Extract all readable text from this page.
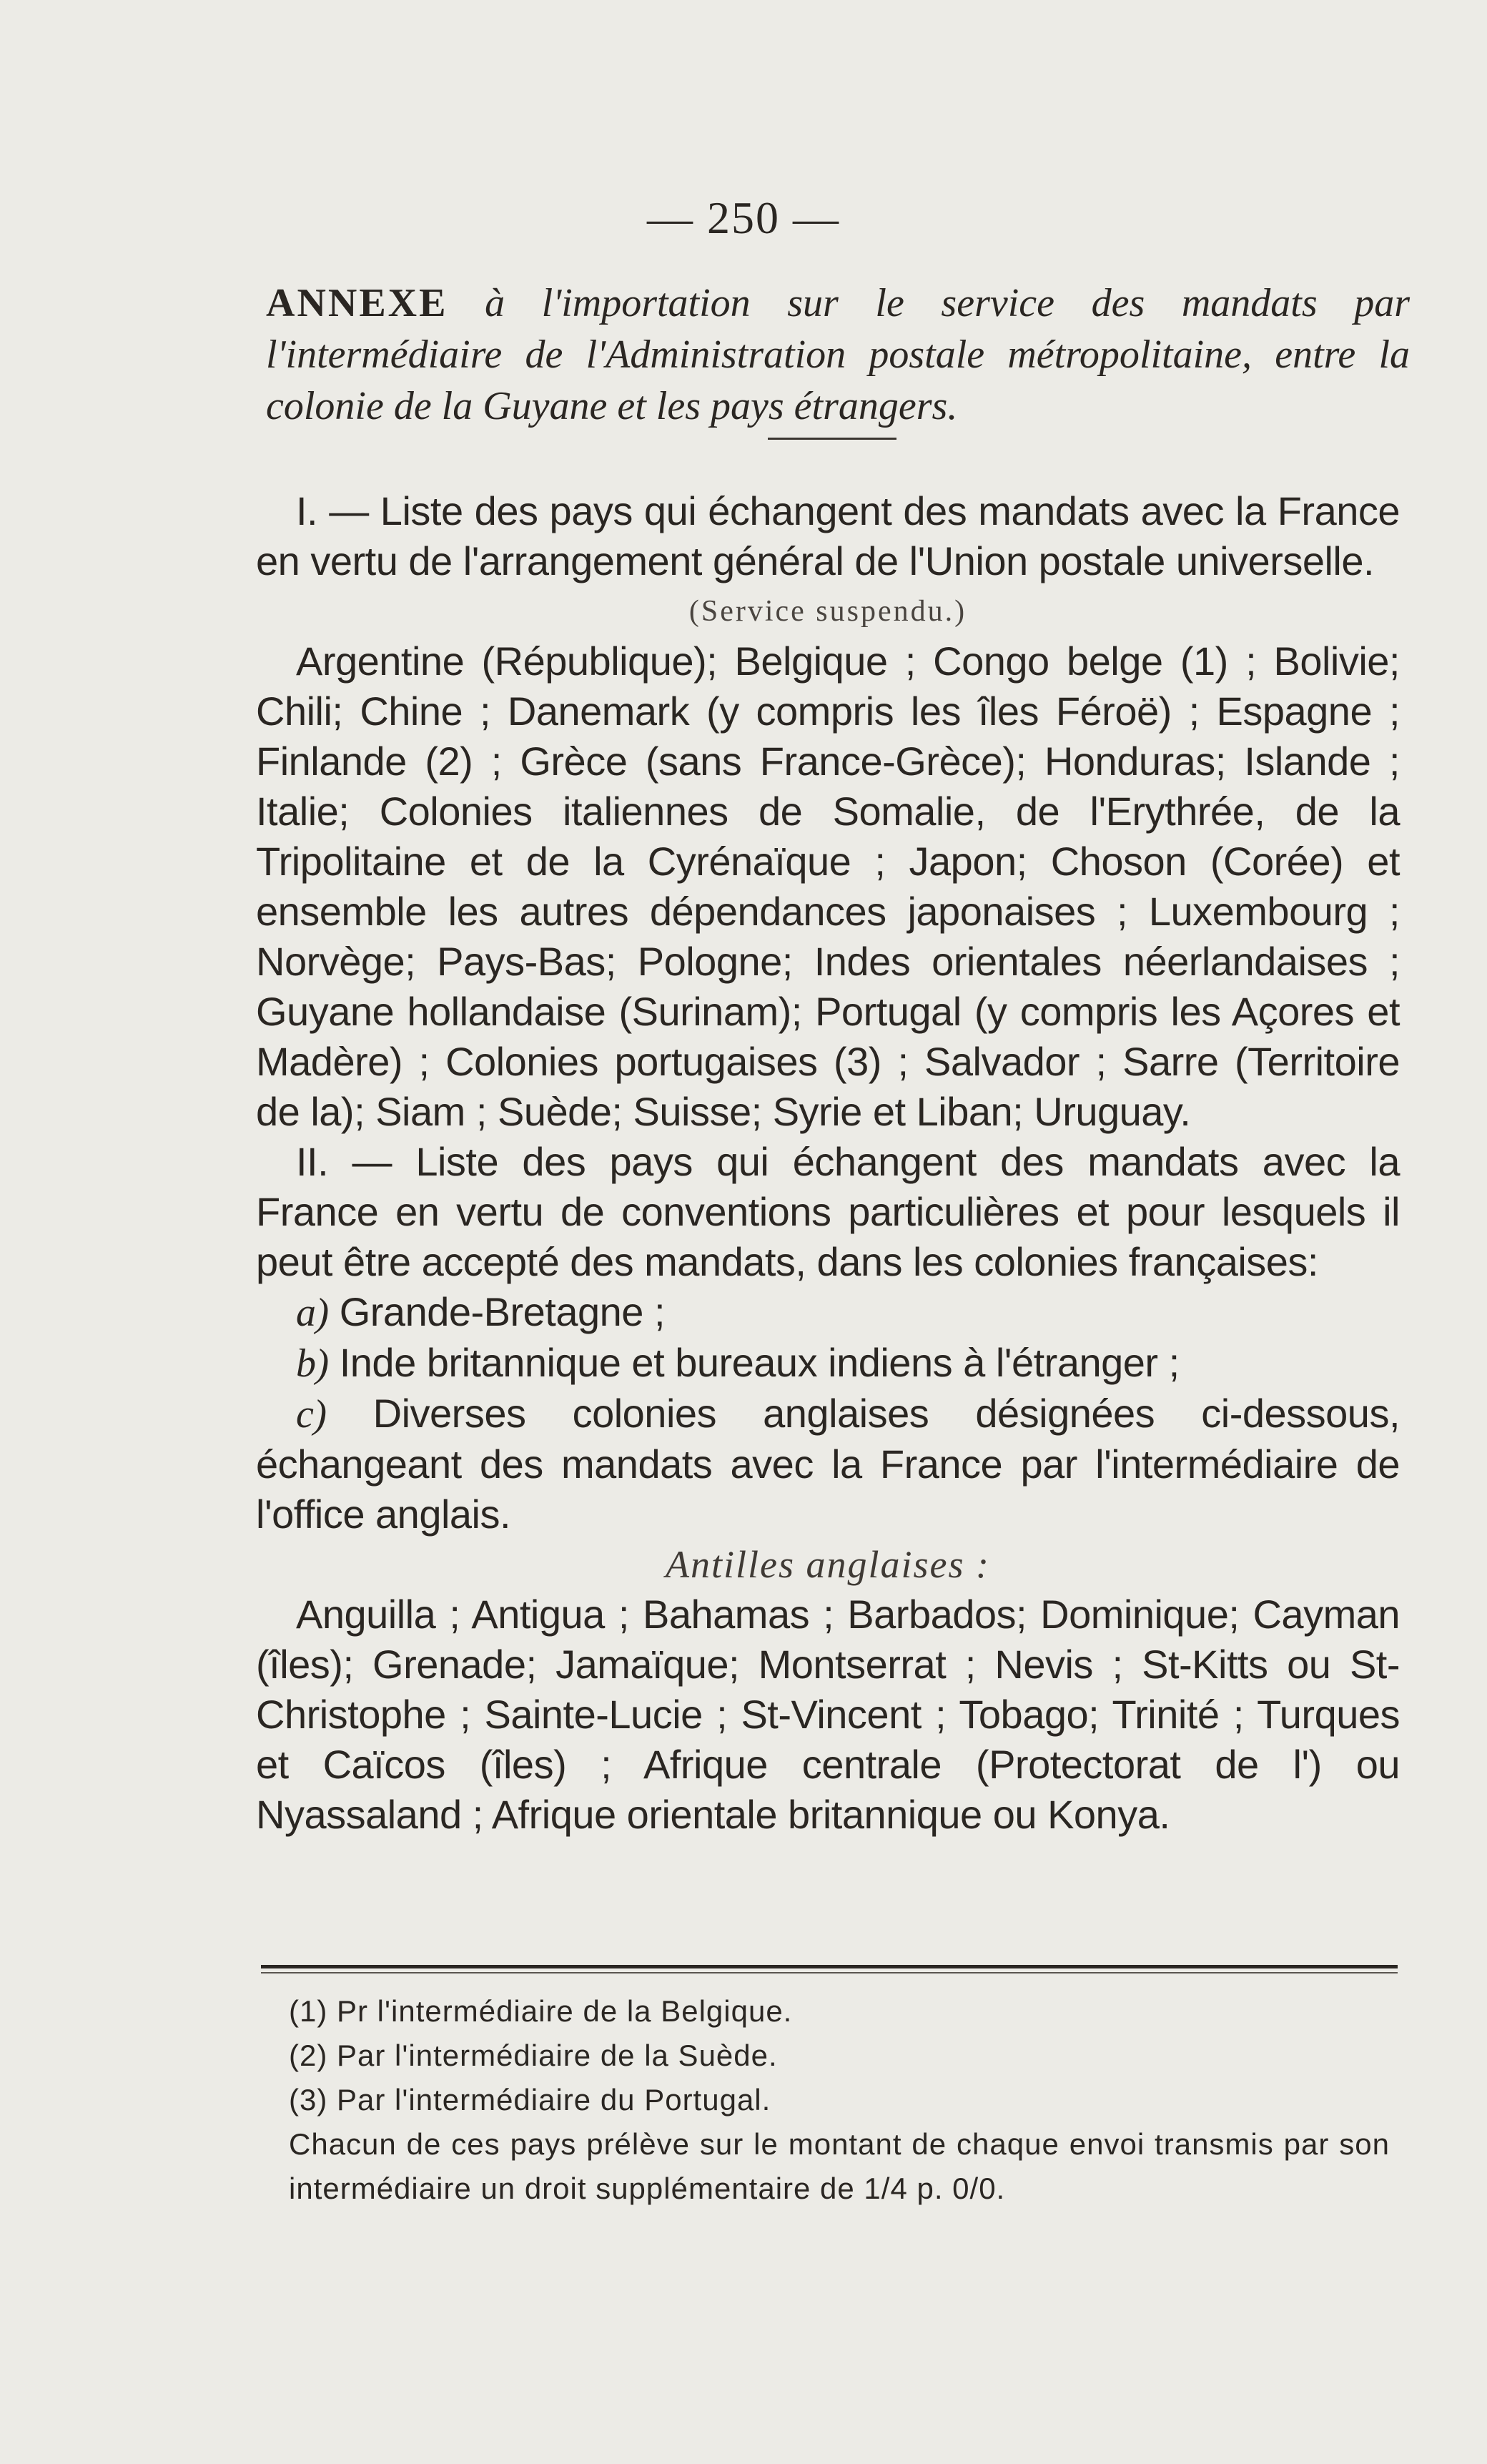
— 250 —
ANNEXE à l'importation sur le service des mandats par l'intermédiaire de l'Administration postale métropolitaine, entre la colonie de la Guyane et les pays étrangers.

I. — Liste des pays qui échangent des mandats avec la France en vertu de l'arrangement général de l'Union postale universelle.

(Service suspendu.)

Argentine (République); Belgique ; Congo belge (1) ; Bolivie; Chili; Chine ; Danemark (y compris les îles Féroë) ; Espagne ; Finlande (2) ; Grèce (sans France-Grèce); Honduras; Islande ; Italie; Colonies italiennes de Somalie, de l'Erythrée, de la Tripolitaine et de la Cyrénaïque ; Japon; Choson (Corée) et ensemble les autres dépendances japonaises ; Luxembourg ; Norvège; Pays-Bas; Pologne; Indes orientales néerlandaises ; Guyane hollandaise (Surinam); Portugal (y compris les Açores et Madère) ; Colonies portugaises (3) ; Salvador ; Sarre (Territoire de la); Siam ; Suède; Suisse; Syrie et Liban; Uruguay.

II. — Liste des pays qui échangent des mandats avec la France en vertu de conventions particulières et pour lesquels il peut être accepté des mandats, dans les colonies françaises:

a) Grande-Bretagne ;

b) Inde britannique et bureaux indiens à l'étranger ;

c) Diverses colonies anglaises désignées ci-dessous, échangeant des mandats avec la France par l'intermédiaire de l'office anglais.

Antilles anglaises :

Anguilla ; Antigua ; Bahamas ; Barbados; Dominique; Cayman (îles); Grenade; Jamaïque; Montserrat ; Nevis ; St-Kitts ou St-Christophe ; Sainte-Lucie ; St-Vincent ; Tobago; Trinité ; Turques et Caïcos (îles) ; Afrique centrale (Protectorat de l') ou Nyassaland ; Afrique orientale britannique ou Konya.

(1) Pr l'intermédiaire de la Belgique.

(2) Par l'intermédiaire de la Suède.

(3) Par l'intermédiaire du Portugal.

Chacun de ces pays prélève sur le montant de chaque envoi transmis par son intermédiaire un droit supplémentaire de 1/4 p. 0/0.
